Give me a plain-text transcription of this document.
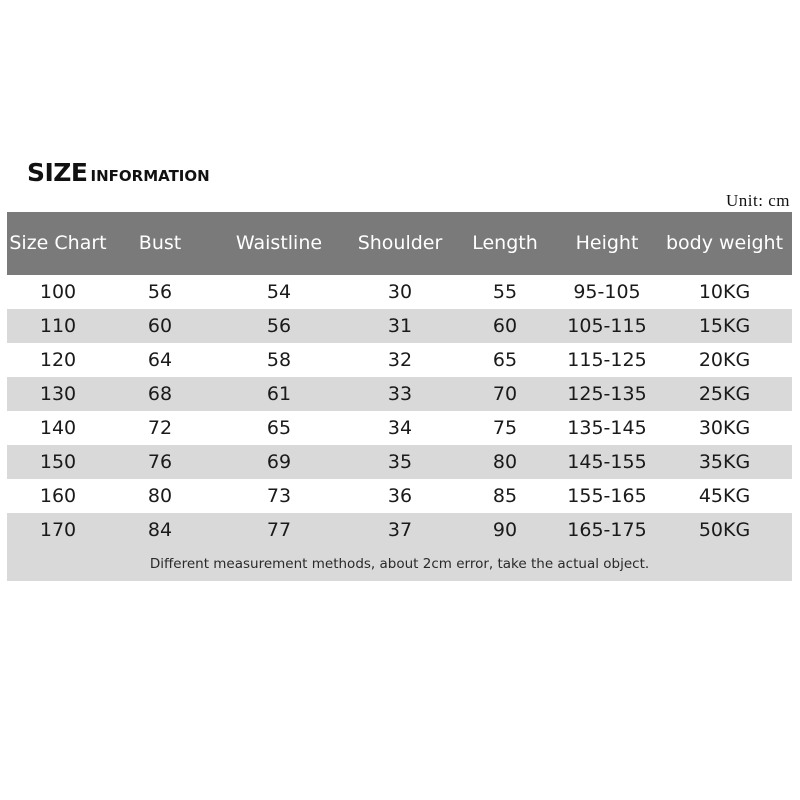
SIZE INFORMATION
Unit: cm
Size Chart	Bust	Waistline	Shoulder	Length	Height	body weight
100	56	54	30	55	95-105	10KG
110	60	56	31	60	105-115	15KG
120	64	58	32	65	115-125	20KG
130	68	61	33	70	125-135	25KG
140	72	65	34	75	135-145	30KG
150	76	69	35	80	145-155	35KG
160	80	73	36	85	155-165	45KG
170	84	77	37	90	165-175	50KG
Different measurement methods, about 2cm error, take the actual object.
